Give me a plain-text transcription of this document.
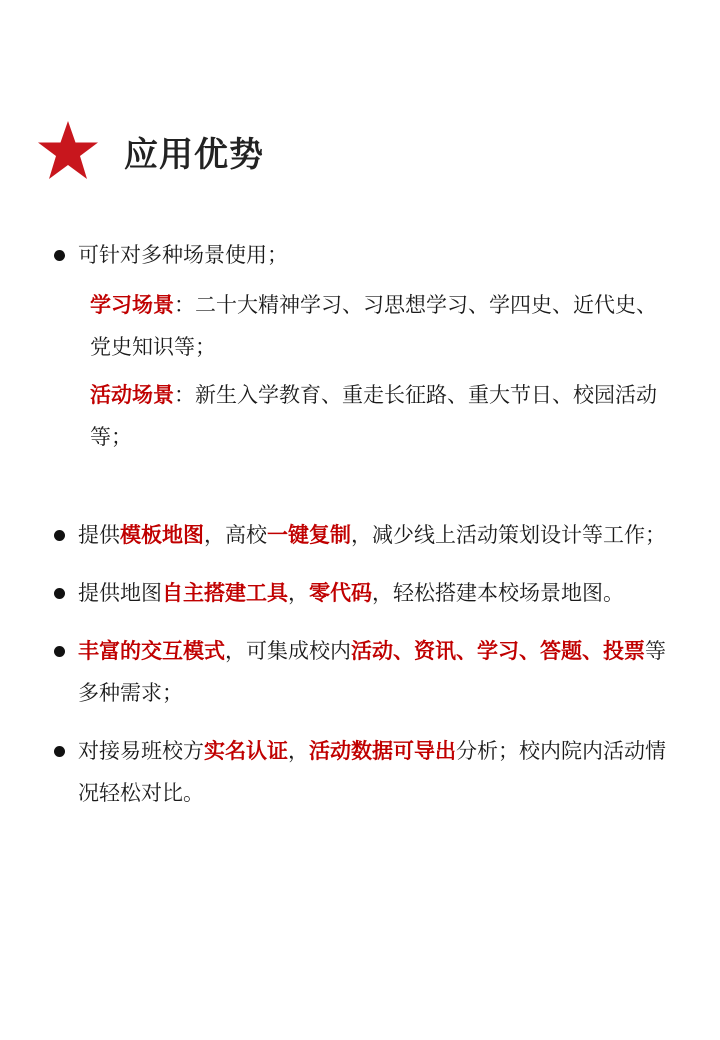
应用优势
可针对多种场景使用；
学习场景：二十大精神学习、习思想学习、学四史、近代史、党史知识等；
活动场景：新生入学教育、重走长征路、重大节日、校园活动等；
提供模板地图，高校一键复制，减少线上活动策划设计等工作；
提供地图自主搭建工具，零代码，轻松搭建本校场景地图。
丰富的交互模式，可集成校内活动、资讯、学习、答题、投票等多种需求；
对接易班校方实名认证，活动数据可导出分析；校内院内活动情况轻松对比。
